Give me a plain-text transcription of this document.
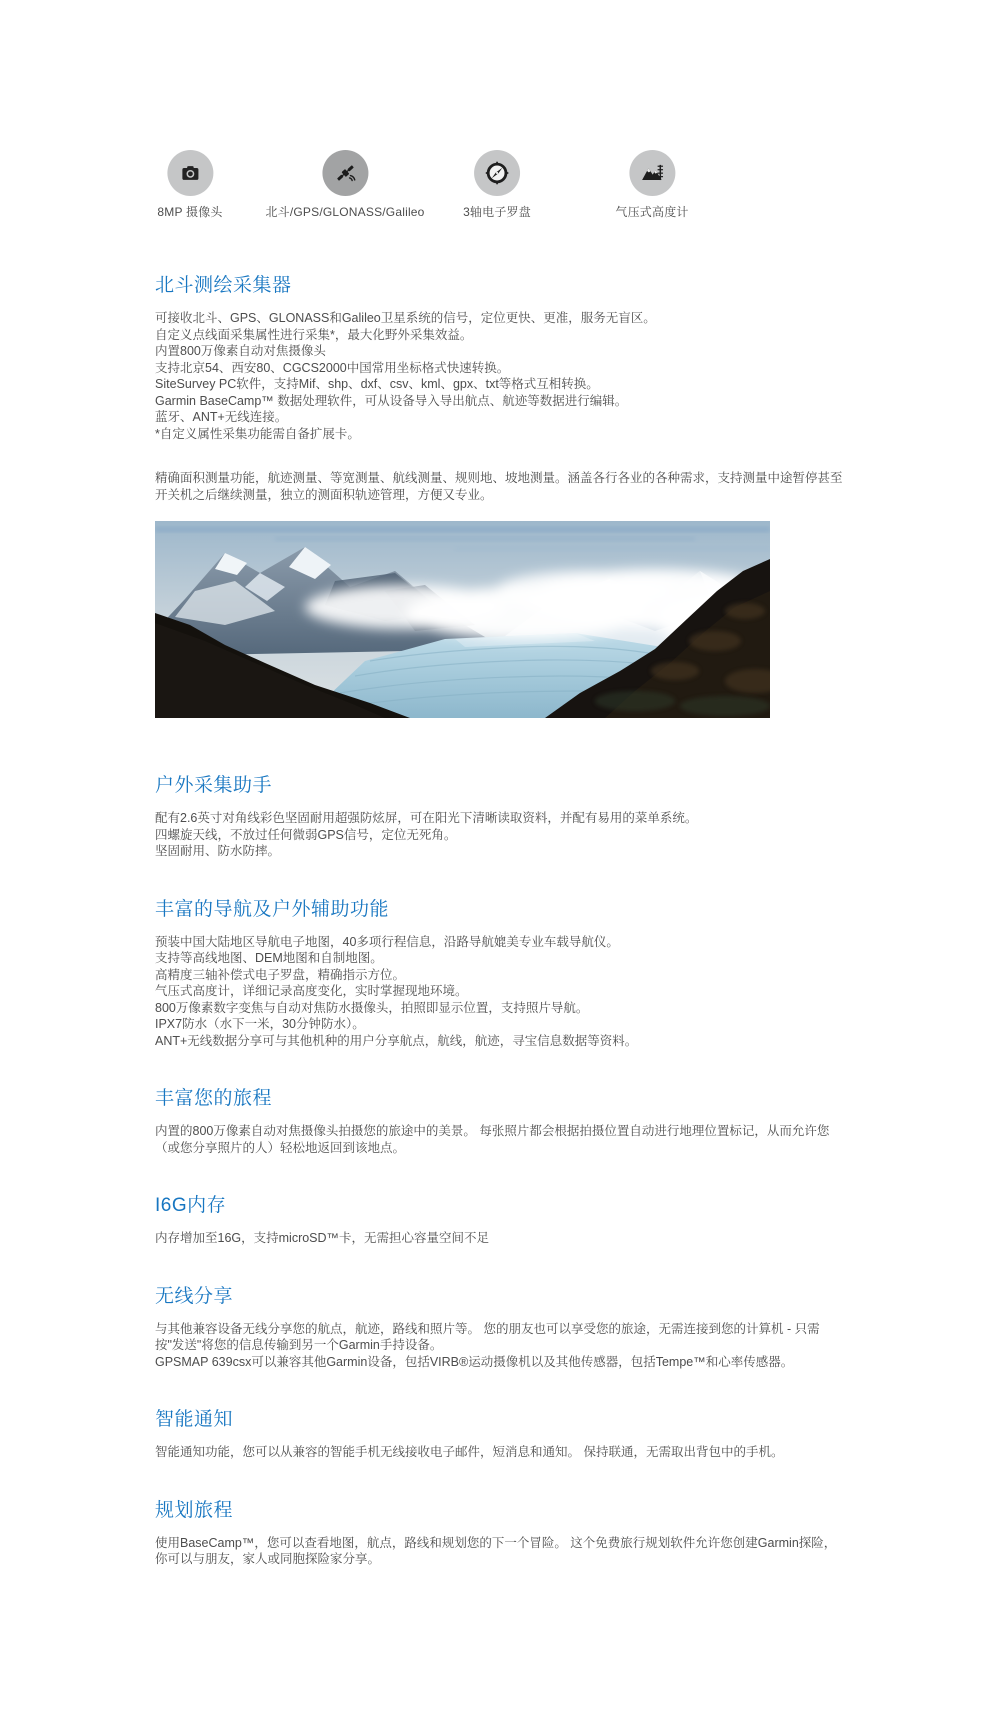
8MP 摄像头	北斗/GPS/GLONASS/Galileo	3轴电子罗盘	气压式高度计
北斗测绘采集器
可接收北斗、GPS、GLONASS和Galileo卫星系统的信号，定位更快、更准，服务无盲区。
自定义点线面采集属性进行采集*，最大化野外采集效益。
内置800万像素自动对焦摄像头
支持北京54、西安80、CGCS2000中国常用坐标格式快速转换。
SiteSurvey PC软件，支持Mif、shp、dxf、csv、kml、gpx、txt等格式互相转换。
Garmin BaseCamp™ 数据处理软件，可从设备导入导出航点、航迹等数据进行编辑。
蓝牙、ANT+无线连接。
*自定义属性采集功能需自备扩展卡。
精确面积测量功能，航迹测量、等宽测量、航线测量、规则地、坡地测量。涵盖各行各业的各种需求，支持测量中途暂停甚至开关机之后继续测量，独立的测面积轨迹管理，方便又专业。
户外采集助手
配有2.6英寸对角线彩色坚固耐用超强防炫屏，可在阳光下清晰读取资料，并配有易用的菜单系统。
四螺旋天线，不放过任何微弱GPS信号，定位无死角。
坚固耐用、防水防摔。
丰富的导航及户外辅助功能
预装中国大陆地区导航电子地图，40多项行程信息，沿路导航媲美专业车载导航仪。
支持等高线地图、DEM地图和自制地图。
高精度三轴补偿式电子罗盘，精确指示方位。
气压式高度计，详细记录高度变化，实时掌握现地环境。
800万像素数字变焦与自动对焦防水摄像头，拍照即显示位置，支持照片导航。
IPX7防水（水下一米，30分钟防水）。
ANT+无线数据分享可与其他机种的用户分享航点，航线，航迹，寻宝信息数据等资料。
丰富您的旅程
内置的800万像素自动对焦摄像头拍摄您的旅途中的美景。 每张照片都会根据拍摄位置自动进行地理位置标记，从而允许您（或您分享照片的人）轻松地返回到该地点。
I6G内存
内存增加至16G，支持microSD™卡，无需担心容量空间不足
无线分享
与其他兼容设备无线分享您的航点，航迹，路线和照片等。 您的朋友也可以享受您的旅途，无需连接到您的计算机 - 只需按"发送"将您的信息传输到另一个Garmin手持设备。
GPSMAP 639csx可以兼容其他Garmin设备，包括VIRB®运动摄像机以及其他传感器，包括Tempe™和心率传感器。
智能通知
智能通知功能，您可以从兼容的智能手机无线接收电子邮件，短消息和通知。 保持联通，无需取出背包中的手机。
规划旅程
使用BaseCamp™，您可以查看地图，航点，路线和规划您的下一个冒险。 这个免费旅行规划软件允许您创建Garmin探险，你可以与朋友，家人或同胞探险家分享。
